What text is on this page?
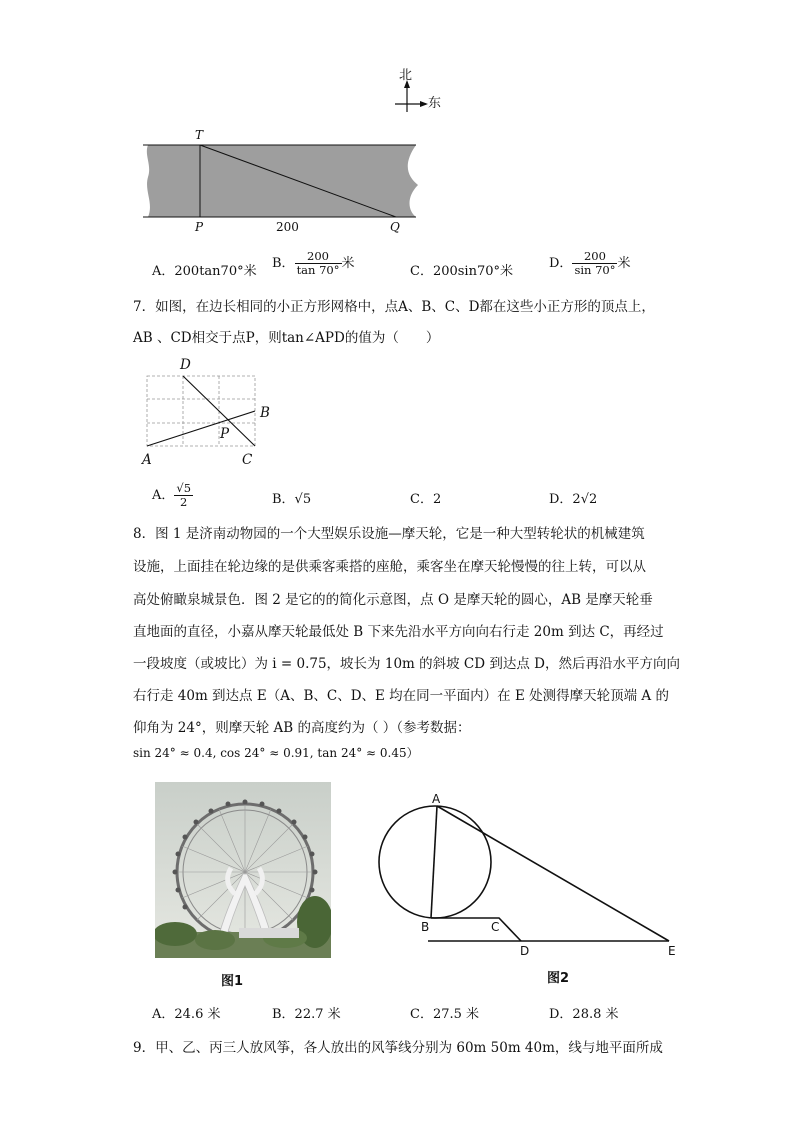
北
东
T
P	Q
200
A．200tan70°米
B． $\frac{200}{\tan 70^\circ}$ 米
C．200sin70°米
D． $\frac{200}{\sin 70^\circ}$ 米
7．如图，在边长相同的小正方形网格中，点A、B、C、D都在这些小正方形的顶点上，
AB 、CD相交于点P，则tan∠APD的值为（　　）
D
B
P
A	C
A． $\frac{√5}{2}$	B．√5	C．2	D．2√2
8．图 1 是济南动物园的一个大型娱乐设施—摩天轮，它是一种大型转轮状的机械建筑
设施，上面挂在轮边缘的是供乘客乘搭的座舱，乘客坐在摩天轮慢慢的往上转，可以从
高处俯瞰泉城景色．图 2 是它的的简化示意图，点 O 是摩天轮的圆心，AB 是摩天轮垂
直地面的直径，小嘉从摩天轮最低处 B 下来先沿水平方向向右行走 20m 到达 C，再经过
一段坡度（或坡比）为 i = 0.75，坡长为 10m 的斜坡 CD 到达点 D，然后再沿水平方向向
右行走 40m 到达点 E（A、B、C、D、E 均在同一平面内）在 E 处测得摩天轮顶端 A 的
仰角为 24°，则摩天轮 AB 的高度约为（ ）（参考数据：
sin 24° ≈ 0.4, cos 24° ≈ 0.91, tan 24° ≈ 0.45）
图1
A
B	C
D	E
图2
A．24.6 米	B．22.7 米	C．27.5 米	D．28.8 米
9．甲、乙、丙三人放风筝，各人放出的风筝线分别为 60m 50m 40m，线与地平面所成
